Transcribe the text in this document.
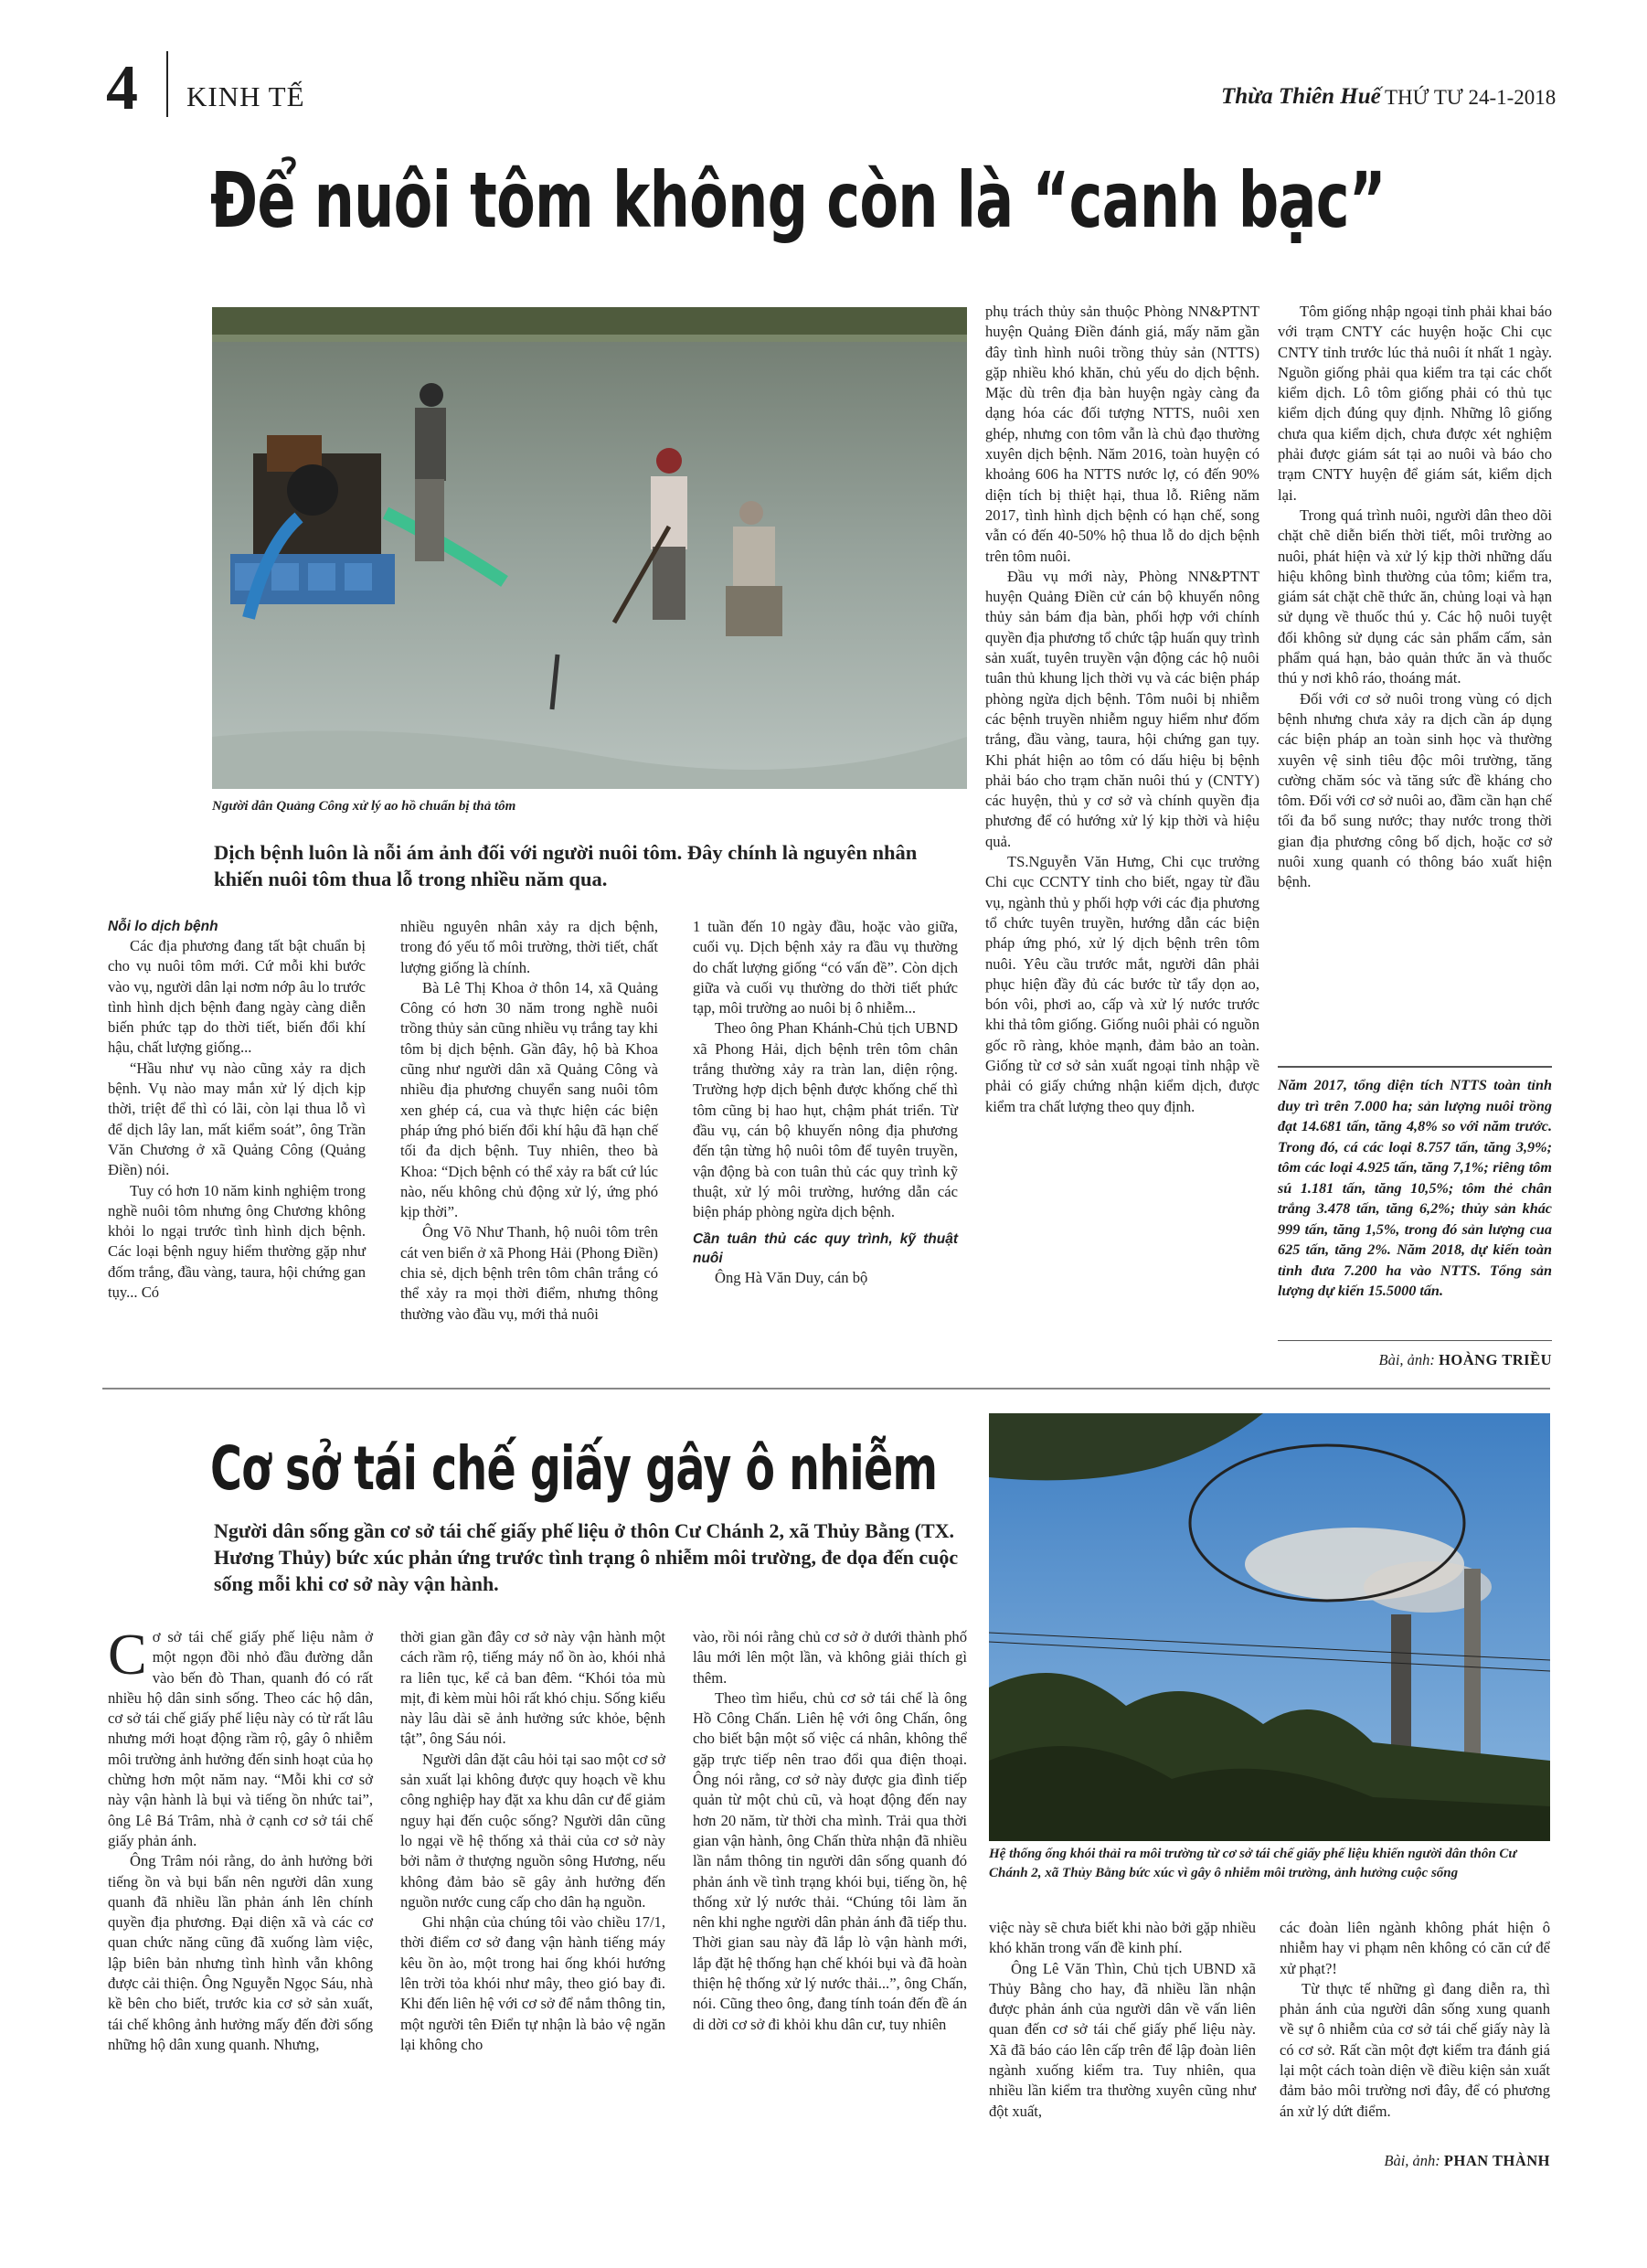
4 KINH TẾ	Thừa Thiên Huế THỨ TƯ 24-1-2018
Để nuôi tôm không còn là “canh bạc”
Người dân Quảng Công xử lý ao hồ chuẩn bị thả tôm
Dịch bệnh luôn là nỗi ám ảnh đối với người nuôi tôm. Đây chính là nguyên nhân khiến nuôi tôm thua lỗ trong nhiều năm qua.

Nỗi lo dịch bệnh

Các địa phương đang tất bật chuẩn bị cho vụ nuôi tôm mới. Cứ mỗi khi bước vào vụ, người dân lại nơm nớp âu lo trước tình hình dịch bệnh đang ngày càng diễn biến phức tạp do thời tiết, biến đổi khí hậu, chất lượng giống...

“Hầu như vụ nào cũng xảy ra dịch bệnh. Vụ nào may mắn xử lý dịch kịp thời, triệt để thì có lãi, còn lại thua lỗ vì để dịch lây lan, mất kiểm soát”, ông Trần Văn Chương ở xã Quảng Công (Quảng Điền) nói.

Tuy có hơn 10 năm kinh nghiệm trong nghề nuôi tôm nhưng ông Chương không khỏi lo ngại trước tình hình dịch bệnh. Các loại bệnh nguy hiểm thường gặp như đốm trắng, đầu vàng, taura, hội chứng gan tụy... Có

nhiều nguyên nhân xảy ra dịch bệnh, trong đó yếu tố môi trường, thời tiết, chất lượng giống là chính.

Bà Lê Thị Khoa ở thôn 14, xã Quảng Công có hơn 30 năm trong nghề nuôi trồng thủy sản cũng nhiều vụ trắng tay khi tôm bị dịch bệnh. Gần đây, hộ bà Khoa cũng như người dân xã Quảng Công và nhiều địa phương chuyển sang nuôi tôm xen ghép cá, cua và thực hiện các biện pháp ứng phó biến đổi khí hậu đã hạn chế tối đa dịch bệnh. Tuy nhiên, theo bà Khoa: “Dịch bệnh có thể xảy ra bất cứ lúc nào, nếu không chủ động xử lý, ứng phó kịp thời”.

Ông Võ Như Thanh, hộ nuôi tôm trên cát ven biển ở xã Phong Hải (Phong Điền) chia sẻ, dịch bệnh trên tôm chân trắng có thể xảy ra mọi thời điểm, nhưng thông thường vào đầu vụ, mới thả nuôi

1 tuần đến 10 ngày đầu, hoặc vào giữa, cuối vụ. Dịch bệnh xảy ra đầu vụ thường do chất lượng giống “có vấn đề”. Còn dịch giữa và cuối vụ thường do thời tiết phức tạp, môi trường ao nuôi bị ô nhiễm...

Theo ông Phan Khánh-Chủ tịch UBND xã Phong Hải, dịch bệnh trên tôm chân trắng thường xảy ra tràn lan, diện rộng. Trường hợp dịch bệnh được khống chế thì tôm cũng bị hao hụt, chậm phát triển. Từ đầu vụ, cán bộ khuyến nông địa phương đến tận từng hộ nuôi tôm để tuyên truyền, vận động bà con tuân thủ các quy trình kỹ thuật, xử lý môi trường, hướng dẫn các biện pháp phòng ngừa dịch bệnh.

Cần tuân thủ các quy trình, kỹ thuật nuôi

Ông Hà Văn Duy, cán bộ

phụ trách thủy sản thuộc Phòng NN&PTNT huyện Quảng Điền đánh giá, mấy năm gần đây tình hình nuôi trồng thủy sản (NTTS) gặp nhiều khó khăn, chủ yếu do dịch bệnh. Mặc dù trên địa bàn huyện ngày càng đa dạng hóa các đối tượng NTTS, nuôi xen ghép, nhưng con tôm vẫn là chủ đạo thường xuyên dịch bệnh. Năm 2016, toàn huyện có khoảng 606 ha NTTS nước lợ, có đến 90% diện tích bị thiệt hại, thua lỗ. Riêng năm 2017, tình hình dịch bệnh có hạn chế, song vẫn có đến 40-50% hộ thua lỗ do dịch bệnh trên tôm nuôi.

Đầu vụ mới này, Phòng NN&PTNT huyện Quảng Điền cử cán bộ khuyến nông thủy sản bám địa bàn, phối hợp với chính quyền địa phương tổ chức tập huấn quy trình sản xuất, tuyên truyền vận động các hộ nuôi tuân thủ khung lịch thời vụ và các biện pháp phòng ngừa dịch bệnh. Tôm nuôi bị nhiễm các bệnh truyền nhiễm nguy hiểm như đốm trắng, đầu vàng, taura, hội chứng gan tụy. Khi phát hiện ao tôm có dấu hiệu bị bệnh phải báo cho trạm chăn nuôi thú y (CNTY) các huyện, thủ y cơ sở và chính quyền địa phương để có hướng xử lý kịp thời và hiệu quả.

TS.Nguyễn Văn Hưng, Chi cục trưởng Chi cục CCNTY tỉnh cho biết, ngay từ đầu vụ, ngành thủ y phối hợp với các địa phương tổ chức tuyên truyền, hướng dẫn các biện pháp ứng phó, xử lý dịch bệnh trên tôm nuôi. Yêu cầu trước mắt, người dân phải phục hiện đầy đủ các bước từ tẩy dọn ao, bón vôi, phơi ao, cấp và xử lý nước trước khi thả tôm giống. Giống nuôi phải có nguồn gốc rõ ràng, khỏe mạnh, đảm bảo an toàn. Giống từ cơ sở sản xuất ngoại tỉnh nhập về phải có giấy chứng nhận kiểm dịch, được kiểm tra chất lượng theo quy định.

Tôm giống nhập ngoại tỉnh phải khai báo với trạm CNTY các huyện hoặc Chi cục CNTY tỉnh trước lúc thả nuôi ít nhất 1 ngày. Nguồn giống phải qua kiểm tra tại các chốt kiểm dịch. Lô tôm giống phải có thủ tục kiểm dịch đúng quy định. Những lô giống chưa qua kiểm dịch, chưa được xét nghiệm phải được giám sát tại ao nuôi và báo cho trạm CNTY huyện để giám sát, kiểm dịch lại.

Trong quá trình nuôi, người dân theo dõi chặt chẽ diễn biến thời tiết, môi trường ao nuôi, phát hiện và xử lý kịp thời những dấu hiệu không bình thường của tôm; kiểm tra, giám sát chặt chẽ thức ăn, chủng loại và hạn sử dụng về thuốc thú y. Các hộ nuôi tuyệt đối không sử dụng các sản phẩm cấm, sản phẩm quá hạn, bảo quản thức ăn và thuốc thú y nơi khô ráo, thoáng mát.

Đối với cơ sở nuôi trong vùng có dịch bệnh nhưng chưa xảy ra dịch cần áp dụng các biện pháp an toàn sinh học và thường xuyên vệ sinh tiêu độc môi trường, tăng cường chăm sóc và tăng sức đề kháng cho tôm. Đối với cơ sở nuôi ao, đầm cần hạn chế tối đa bổ sung nước; thay nước trong thời gian địa phương công bố dịch, hoặc cơ sở nuôi xung quanh có thông báo xuất hiện bệnh.

Năm 2017, tổng diện tích NTTS toàn tỉnh duy trì trên 7.000 ha; sản lượng nuôi trồng đạt 14.681 tấn, tăng 4,8% so với năm trước. Trong đó, cá các loại 8.757 tấn, tăng 3,9%; tôm các loại 4.925 tấn, tăng 7,1%; riêng tôm sú 1.181 tấn, tăng 10,5%; tôm thẻ chân trắng 3.478 tấn, tăng 6,2%; thủy sản khác 999 tấn, tăng 1,5%, trong đó sản lượng cua 625 tấn, tăng 2%. Năm 2018, dự kiến toàn tỉnh đưa 7.200 ha vào NTTS. Tổng sản lượng dự kiến 15.5000 tấn.
Bài, ảnh: HOÀNG TRIỀU
Cơ sở tái chế giấy gây ô nhiễm
Người dân sống gần cơ sở tái chế giấy phế liệu ở thôn Cư Chánh 2, xã Thủy Bằng (TX. Hương Thủy) bức xúc phản ứng trước tình trạng ô nhiễm môi trường, đe dọa đến cuộc sống mỗi khi cơ sở này vận hành.
Hệ thống ống khói thải ra môi trường từ cơ sở tái chế giấy phế liệu khiến người dân thôn Cư Chánh 2, xã Thủy Bằng bức xúc vì gây ô nhiễm môi trường, ảnh hưởng cuộc sống

Cơ sở tái chế giấy phế liệu nằm ở một ngọn đồi nhỏ đầu đường dẫn vào bến đò Than, quanh đó có rất nhiều hộ dân sinh sống. Theo các hộ dân, cơ sở tái chế giấy phế liệu này có từ rất lâu nhưng mới hoạt động rầm rộ, gây ô nhiễm môi trường ảnh hưởng đến sinh hoạt của họ chừng hơn một năm nay. “Mỗi khi cơ sở này vận hành là bụi và tiếng ồn nhức tai”, ông Lê Bá Trâm, nhà ở cạnh cơ sở tái chế giấy phản ánh.

Ông Trâm nói rằng, do ảnh hưởng bởi tiếng ồn và bụi bẩn nên người dân xung quanh đã nhiều lần phản ánh lên chính quyền địa phương. Đại diện xã và các cơ quan chức năng cũng đã xuống làm việc, lập biên bản nhưng tình hình vẫn không được cải thiện. Ông Nguyễn Ngọc Sáu, nhà kề bên cho biết, trước kia cơ sở sản xuất, tái chế không ảnh hưởng mấy đến đời sống những hộ dân xung quanh. Nhưng,

thời gian gần đây cơ sở này vận hành một cách rầm rộ, tiếng máy nổ ồn ào, khói nhả ra liên tục, kể cả ban đêm. “Khói tỏa mù mịt, đi kèm mùi hôi rất khó chịu. Sống kiểu này lâu dài sẽ ảnh hưởng sức khỏe, bệnh tật”, ông Sáu nói.

Người dân đặt câu hỏi tại sao một cơ sở sản xuất lại không được quy hoạch về khu công nghiệp hay đặt xa khu dân cư để giảm nguy hại đến cuộc sống? Người dân cũng lo ngại về hệ thống xả thải của cơ sở này bởi nằm ở thượng nguồn sông Hương, nếu không đảm bảo sẽ gây ảnh hưởng đến nguồn nước cung cấp cho dân hạ nguồn.

Ghi nhận của chúng tôi vào chiều 17/1, thời điểm cơ sở đang vận hành tiếng máy kêu ồn ào, một trong hai ống khói hướng lên trời tỏa khói như mây, theo gió bay đi. Khi đến liên hệ với cơ sở để nắm thông tin, một người tên Điển tự nhận là bảo vệ ngăn lại không cho

vào, rồi nói rằng chủ cơ sở ở dưới thành phố lâu mới lên một lần, và không giải thích gì thêm.

Theo tìm hiểu, chủ cơ sở tái chế là ông Hồ Công Chấn. Liên hệ với ông Chấn, ông cho biết bận một số việc cá nhân, không thể gặp trực tiếp nên trao đổi qua điện thoại. Ông nói rằng, cơ sở này được gia đình tiếp quản từ một chủ cũ, và hoạt động đến nay hơn 20 năm, từ thời cha mình. Trải qua thời gian vận hành, ông Chấn thừa nhận đã nhiều lần nắm thông tin người dân sống quanh đó phản ánh về tình trạng khói bụi, tiếng ồn, hệ thống xử lý nước thải. “Chúng tôi làm ăn nên khi nghe người dân phản ánh đã tiếp thu. Thời gian sau này đã lắp lò vận hành mới, lắp đặt hệ thống hạn chế khói bụi và đã hoàn thiện hệ thống xử lý nước thải...”, ông Chấn, nói. Cũng theo ông, đang tính toán đến đề án di dời cơ sở đi khỏi khu dân cư, tuy nhiên

việc này sẽ chưa biết khi nào bởi gặp nhiều khó khăn trong vấn đề kinh phí.

Ông Lê Văn Thìn, Chủ tịch UBND xã Thủy Bằng cho hay, đã nhiều lần nhận được phản ánh của người dân về vấn liên quan đến cơ sở tái chế giấy phế liệu này. Xã đã báo cáo lên cấp trên để lập đoàn liên ngành xuống kiểm tra. Tuy nhiên, qua nhiều lần kiểm tra thường xuyên cũng như đột xuất,

các đoàn liên ngành không phát hiện ô nhiễm hay vi phạm nên không có căn cứ để xử phạt?!

Từ thực tế những gì đang diễn ra, thì phản ánh của người dân sống xung quanh về sự ô nhiễm của cơ sở tái chế giấy này là có cơ sở. Rất cần một đợt kiểm tra đánh giá lại một cách toàn diện về điều kiện sản xuất đảm bảo môi trường nơi đây, để có phương án xử lý dứt điểm.

Bài, ảnh: PHAN THÀNH
